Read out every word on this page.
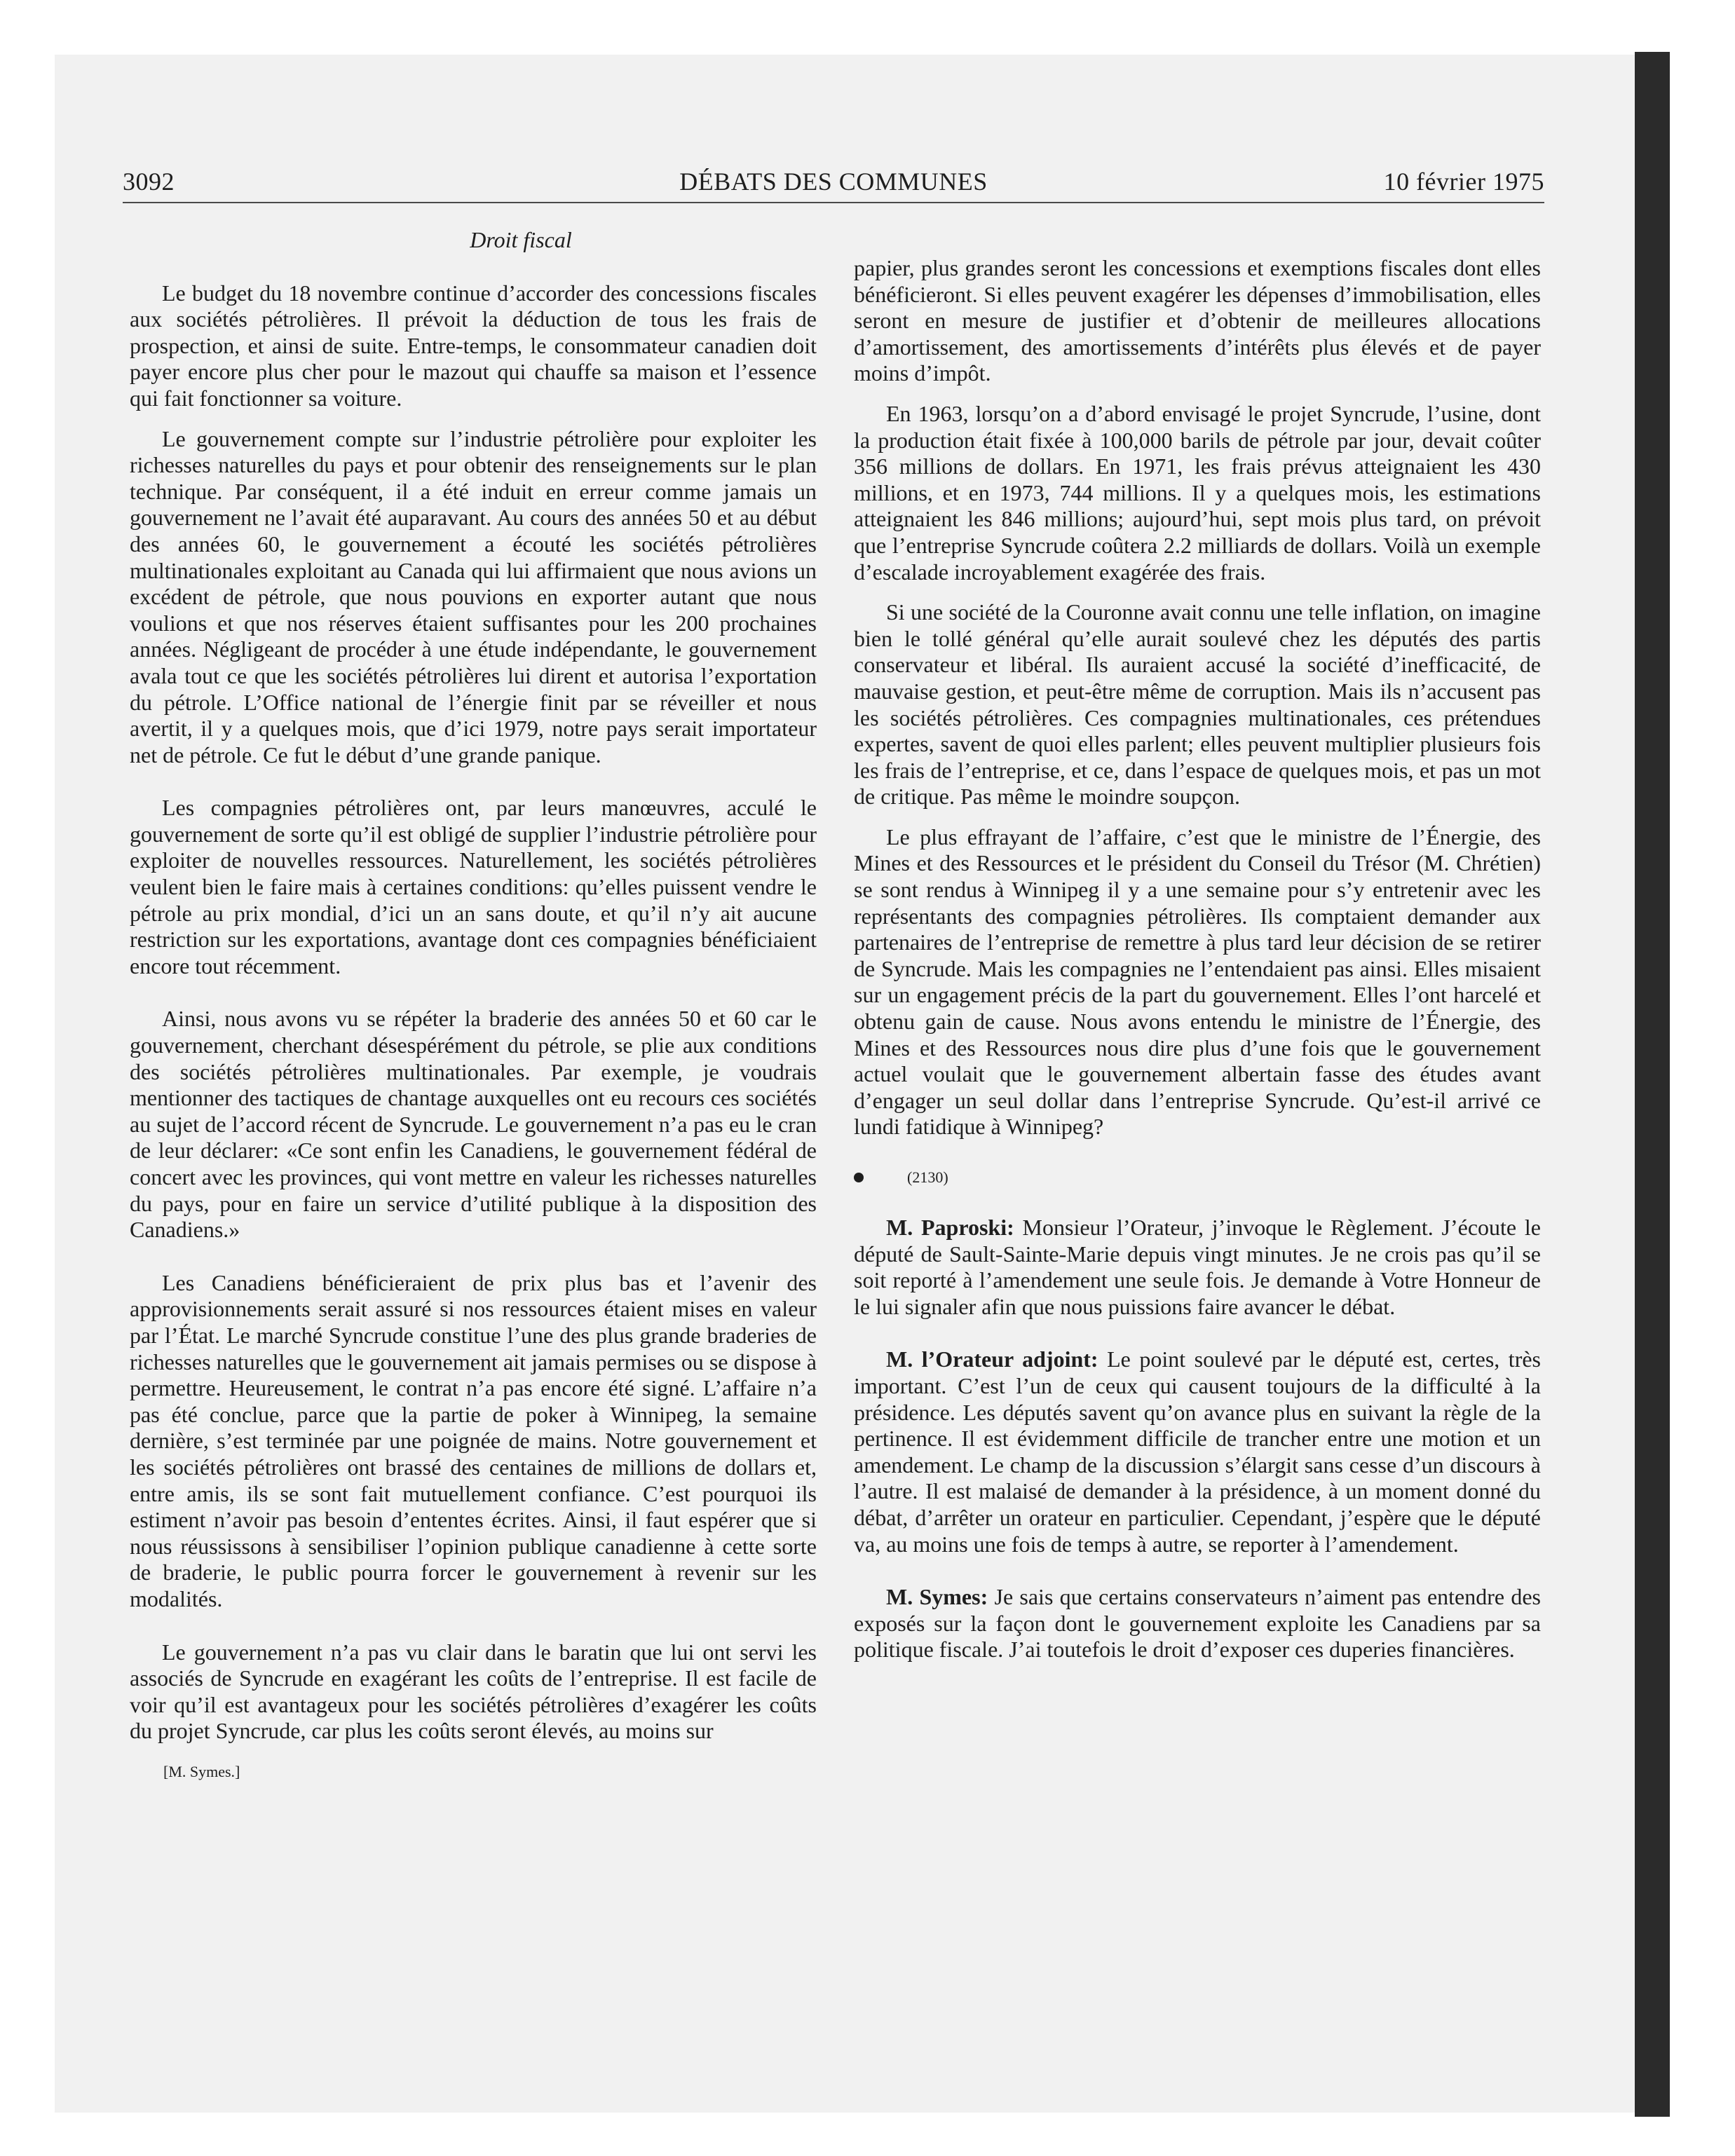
3092	DÉBATS DES COMMUNES	10 février 1975

Droit fiscal

Le budget du 18 novembre continue d’accorder des concessions fiscales aux sociétés pétrolières. Il prévoit la déduction de tous les frais de prospection, et ainsi de suite. Entre-temps, le consommateur canadien doit payer encore plus cher pour le mazout qui chauffe sa maison et l’essence qui fait fonctionner sa voiture.

Le gouvernement compte sur l’industrie pétrolière pour exploiter les richesses naturelles du pays et pour obtenir des renseignements sur le plan technique. Par conséquent, il a été induit en erreur comme jamais un gouvernement ne l’avait été auparavant. Au cours des années 50 et au début des années 60, le gouvernement a écouté les sociétés pétrolières multinationales exploitant au Canada qui lui affirmaient que nous avions un excédent de pétrole, que nous pouvions en exporter autant que nous voulions et que nos réserves étaient suffisantes pour les 200 prochaines années. Négligeant de procéder à une étude indépendante, le gouvernement avala tout ce que les sociétés pétrolières lui dirent et autorisa l’exportation du pétrole. L’Office national de l’énergie finit par se réveiller et nous avertit, il y a quelques mois, que d’ici 1979, notre pays serait importateur net de pétrole. Ce fut le début d’une grande panique.

Les compagnies pétrolières ont, par leurs manœuvres, acculé le gouvernement de sorte qu’il est obligé de supplier l’industrie pétrolière pour exploiter de nouvelles ressources. Naturellement, les sociétés pétrolières veulent bien le faire mais à certaines conditions: qu’elles puissent vendre le pétrole au prix mondial, d’ici un an sans doute, et qu’il n’y ait aucune restriction sur les exportations, avantage dont ces compagnies bénéficiaient encore tout récemment.

Ainsi, nous avons vu se répéter la braderie des années 50 et 60 car le gouvernement, cherchant désespérément du pétrole, se plie aux conditions des sociétés pétrolières multinationales. Par exemple, je voudrais mentionner des tactiques de chantage auxquelles ont eu recours ces sociétés au sujet de l’accord récent de Syncrude. Le gouvernement n’a pas eu le cran de leur déclarer: «Ce sont enfin les Canadiens, le gouvernement fédéral de concert avec les provinces, qui vont mettre en valeur les richesses naturelles du pays, pour en faire un service d’utilité publique à la disposition des Canadiens.»

Les Canadiens bénéficieraient de prix plus bas et l’avenir des approvisionnements serait assuré si nos ressources étaient mises en valeur par l’État. Le marché Syncrude constitue l’une des plus grande braderies de richesses naturelles que le gouvernement ait jamais permises ou se dispose à permettre. Heureusement, le contrat n’a pas encore été signé. L’affaire n’a pas été conclue, parce que la partie de poker à Winnipeg, la semaine dernière, s’est terminée par une poignée de mains. Notre gouvernement et les sociétés pétrolières ont brassé des centaines de millions de dollars et, entre amis, ils se sont fait mutuellement confiance. C’est pourquoi ils estiment n’avoir pas besoin d’ententes écrites. Ainsi, il faut espérer que si nous réussissons à sensibiliser l’opinion publique canadienne à cette sorte de braderie, le public pourra forcer le gouvernement à revenir sur les modalités.

Le gouvernement n’a pas vu clair dans le baratin que lui ont servi les associés de Syncrude en exagérant les coûts de l’entreprise. Il est facile de voir qu’il est avantageux pour les sociétés pétrolières d’exagérer les coûts du projet Syncrude, car plus les coûts seront élevés, au moins sur

[M. Symes.]

papier, plus grandes seront les concessions et exemptions fiscales dont elles bénéficieront. Si elles peuvent exagérer les dépenses d’immobilisation, elles seront en mesure de justifier et d’obtenir de meilleures allocations d’amortissement, des amortissements d’intérêts plus élevés et de payer moins d’impôt.

En 1963, lorsqu’on a d’abord envisagé le projet Syncrude, l’usine, dont la production était fixée à 100,000 barils de pétrole par jour, devait coûter 356 millions de dollars. En 1971, les frais prévus atteignaient les 430 millions, et en 1973, 744 millions. Il y a quelques mois, les estimations atteignaient les 846 millions; aujourd’hui, sept mois plus tard, on prévoit que l’entreprise Syncrude coûtera 2.2 milliards de dollars. Voilà un exemple d’escalade incroyablement exagérée des frais.

Si une société de la Couronne avait connu une telle inflation, on imagine bien le tollé général qu’elle aurait soulevé chez les députés des partis conservateur et libéral. Ils auraient accusé la société d’inefficacité, de mauvaise gestion, et peut-être même de corruption. Mais ils n’accusent pas les sociétés pétrolières. Ces compagnies multinationales, ces prétendues expertes, savent de quoi elles parlent; elles peuvent multiplier plusieurs fois les frais de l’entreprise, et ce, dans l’espace de quelques mois, et pas un mot de critique. Pas même le moindre soupçon.

Le plus effrayant de l’affaire, c’est que le ministre de l’Énergie, des Mines et des Ressources et le président du Conseil du Trésor (M. Chrétien) se sont rendus à Winnipeg il y a une semaine pour s’y entretenir avec les représentants des compagnies pétrolières. Ils comptaient demander aux partenaires de l’entreprise de remettre à plus tard leur décision de se retirer de Syncrude. Mais les compagnies ne l’entendaient pas ainsi. Elles misaient sur un engagement précis de la part du gouvernement. Elles l’ont harcelé et obtenu gain de cause. Nous avons entendu le ministre de l’Énergie, des Mines et des Ressources nous dire plus d’une fois que le gouvernement actuel voulait que le gouvernement albertain fasse des études avant d’engager un seul dollar dans l’entreprise Syncrude. Qu’est-il arrivé ce lundi fatidique à Winnipeg?

(2130)

M. Paproski: Monsieur l’Orateur, j’invoque le Règlement. J’écoute le député de Sault-Sainte-Marie depuis vingt minutes. Je ne crois pas qu’il se soit reporté à l’amendement une seule fois. Je demande à Votre Honneur de le lui signaler afin que nous puissions faire avancer le débat.

M. l’Orateur adjoint: Le point soulevé par le député est, certes, très important. C’est l’un de ceux qui causent toujours de la difficulté à la présidence. Les députés savent qu’on avance plus en suivant la règle de la pertinence. Il est évidemment difficile de trancher entre une motion et un amendement. Le champ de la discussion s’élargit sans cesse d’un discours à l’autre. Il est malaisé de demander à la présidence, à un moment donné du débat, d’arrêter un orateur en particulier. Cependant, j’espère que le député va, au moins une fois de temps à autre, se reporter à l’amendement.

M. Symes: Je sais que certains conservateurs n’aiment pas entendre des exposés sur la façon dont le gouvernement exploite les Canadiens par sa politique fiscale. J’ai toutefois le droit d’exposer ces duperies financières.
